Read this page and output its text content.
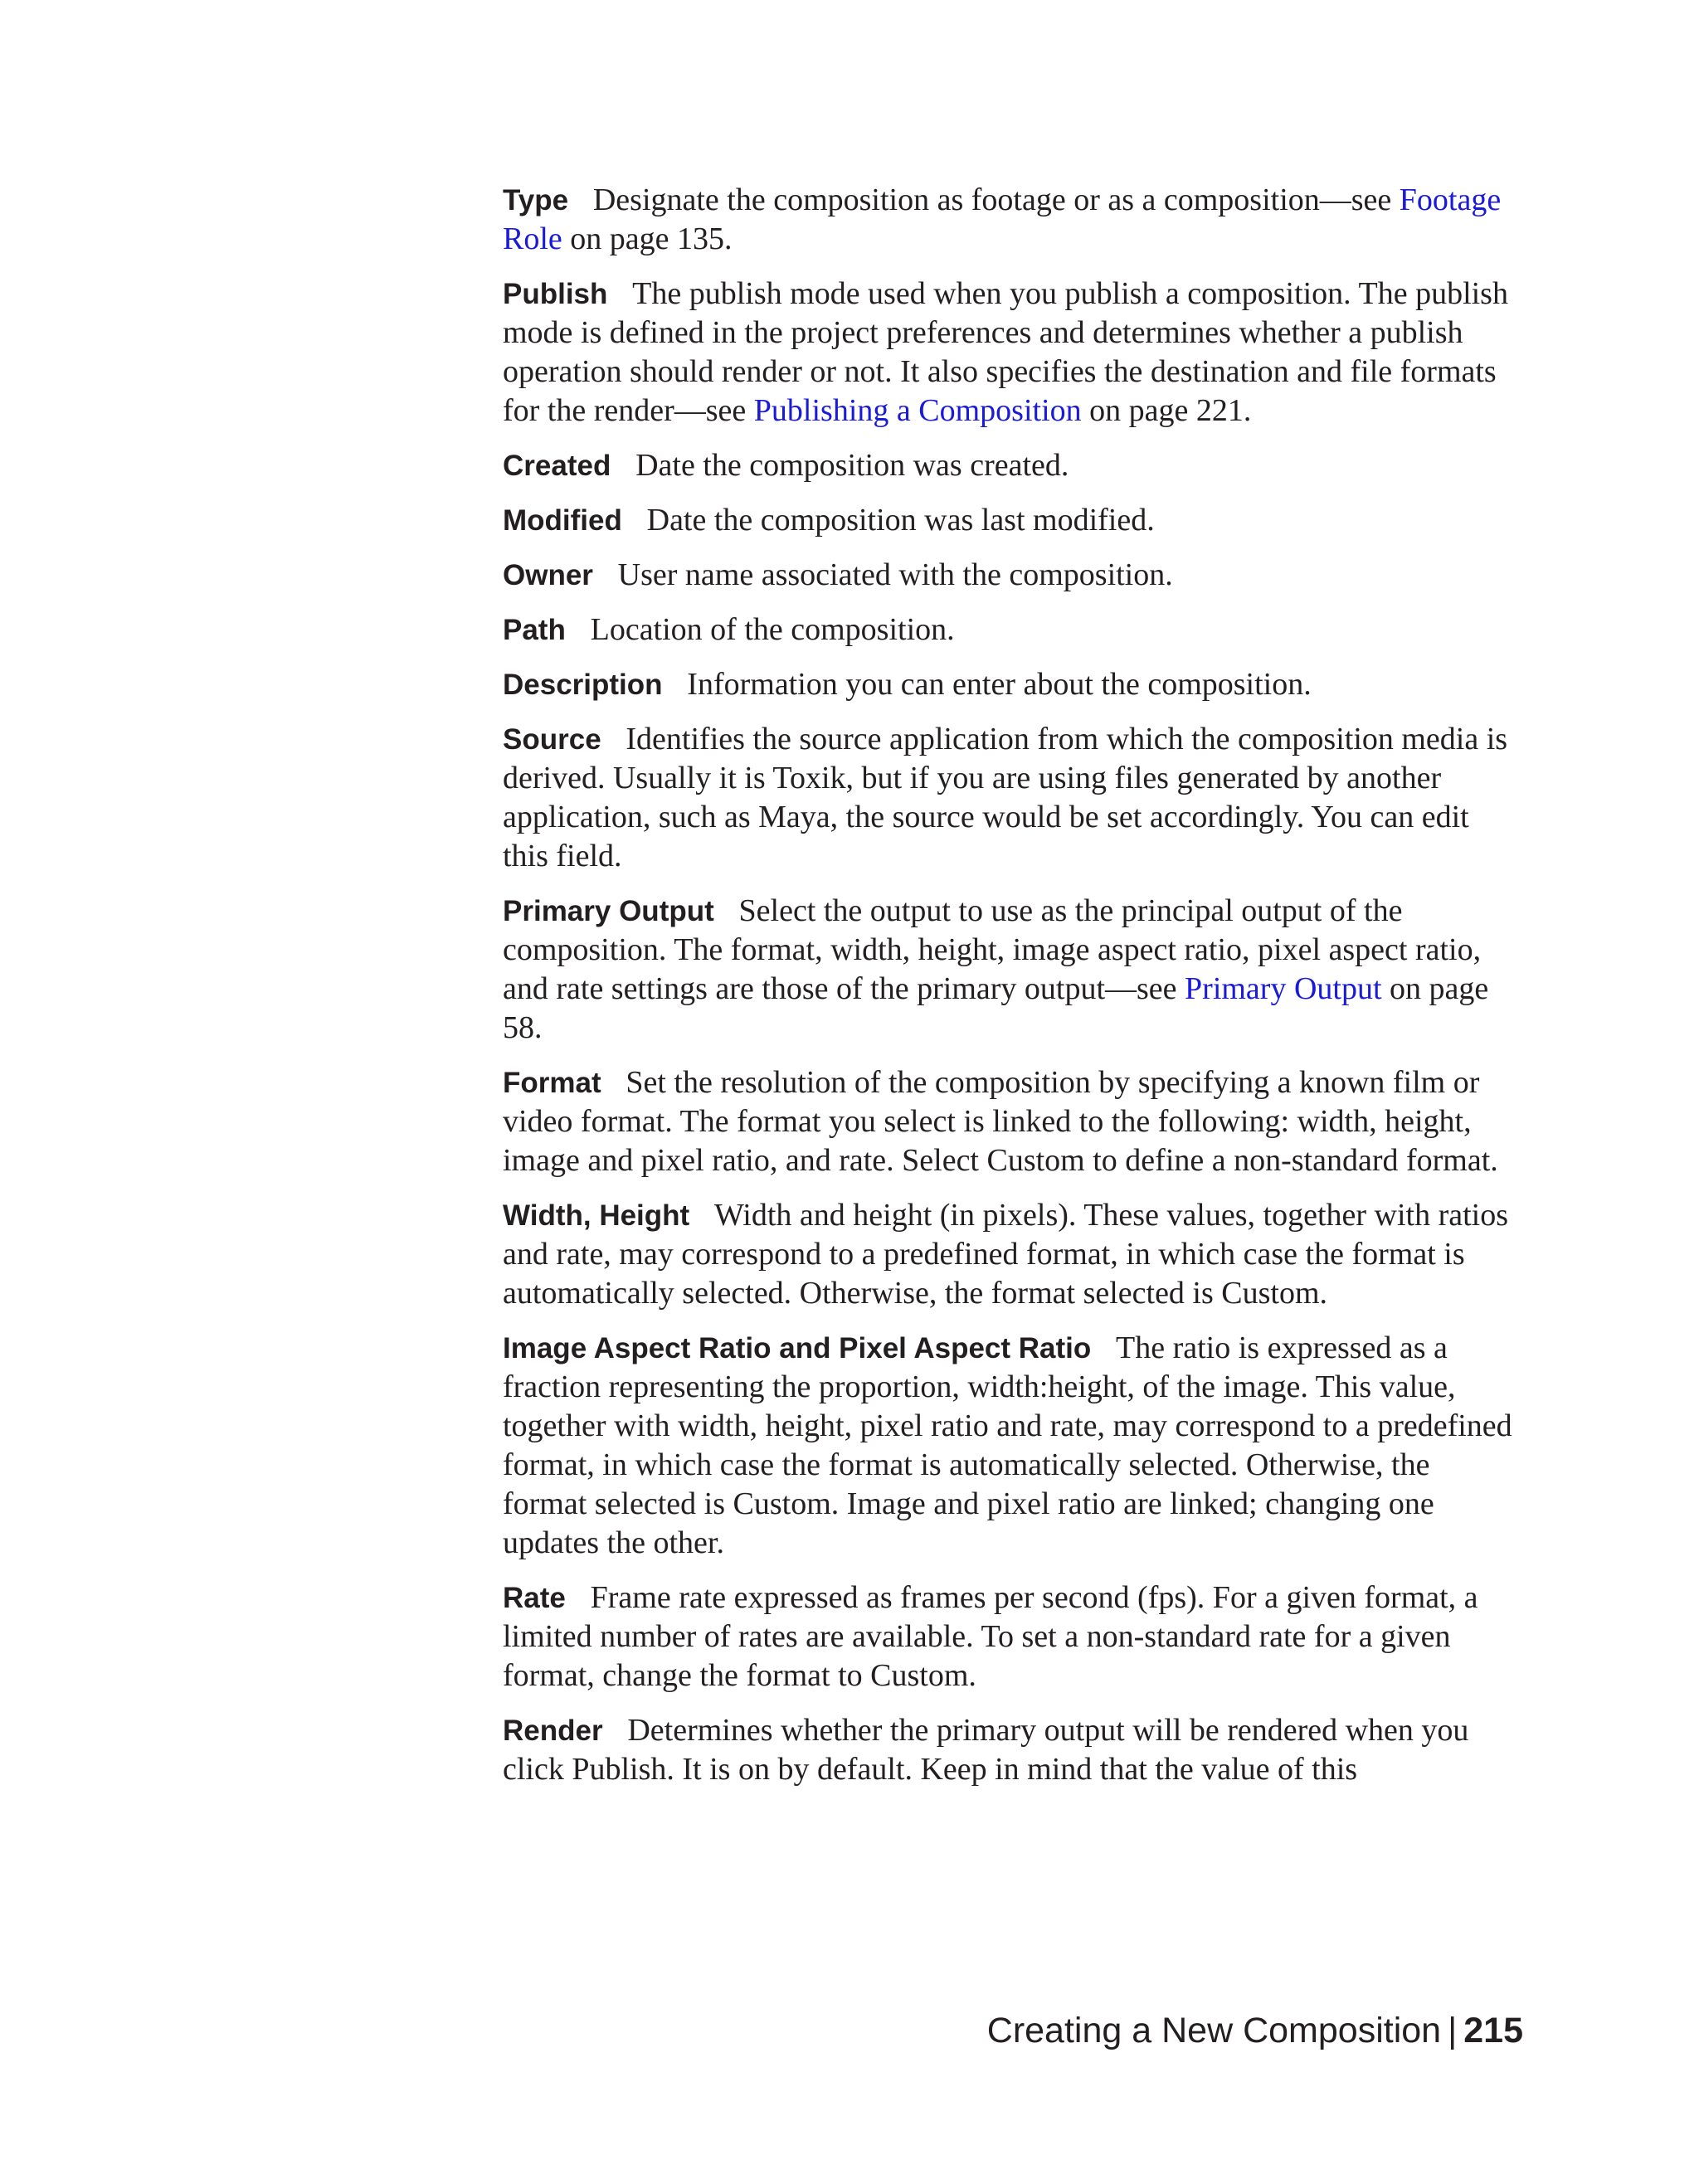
Type Designate the composition as footage or as a composition—see Footage Role on page 135.

Publish The publish mode used when you publish a composition. The publish mode is defined in the project preferences and determines whether a publish operation should render or not. It also specifies the destination and file formats for the render—see Publishing a Composition on page 221.

Created Date the composition was created.

Modified Date the composition was last modified.

Owner User name associated with the composition.

Path Location of the composition.

Description Information you can enter about the composition.

Source Identifies the source application from which the composition media is derived. Usually it is Toxik, but if you are using files generated by another application, such as Maya, the source would be set accordingly. You can edit this field.

Primary Output Select the output to use as the principal output of the composition. The format, width, height, image aspect ratio, pixel aspect ratio, and rate settings are those of the primary output—see Primary Output on page 58.

Format Set the resolution of the composition by specifying a known film or video format. The format you select is linked to the following: width, height, image and pixel ratio, and rate. Select Custom to define a non-standard format.

Width, Height Width and height (in pixels). These values, together with ratios and rate, may correspond to a predefined format, in which case the format is automatically selected. Otherwise, the format selected is Custom.

Image Aspect Ratio and Pixel Aspect Ratio The ratio is expressed as a fraction representing the proportion, width:height, of the image. This value, together with width, height, pixel ratio and rate, may correspond to a predefined format, in which case the format is automatically selected. Otherwise, the format selected is Custom. Image and pixel ratio are linked; changing one updates the other.

Rate Frame rate expressed as frames per second (fps). For a given format, a limited number of rates are available. To set a non-standard rate for a given format, change the format to Custom.

Render Determines whether the primary output will be rendered when you click Publish. It is on by default. Keep in mind that the value of this

Creating a New Composition | 215
